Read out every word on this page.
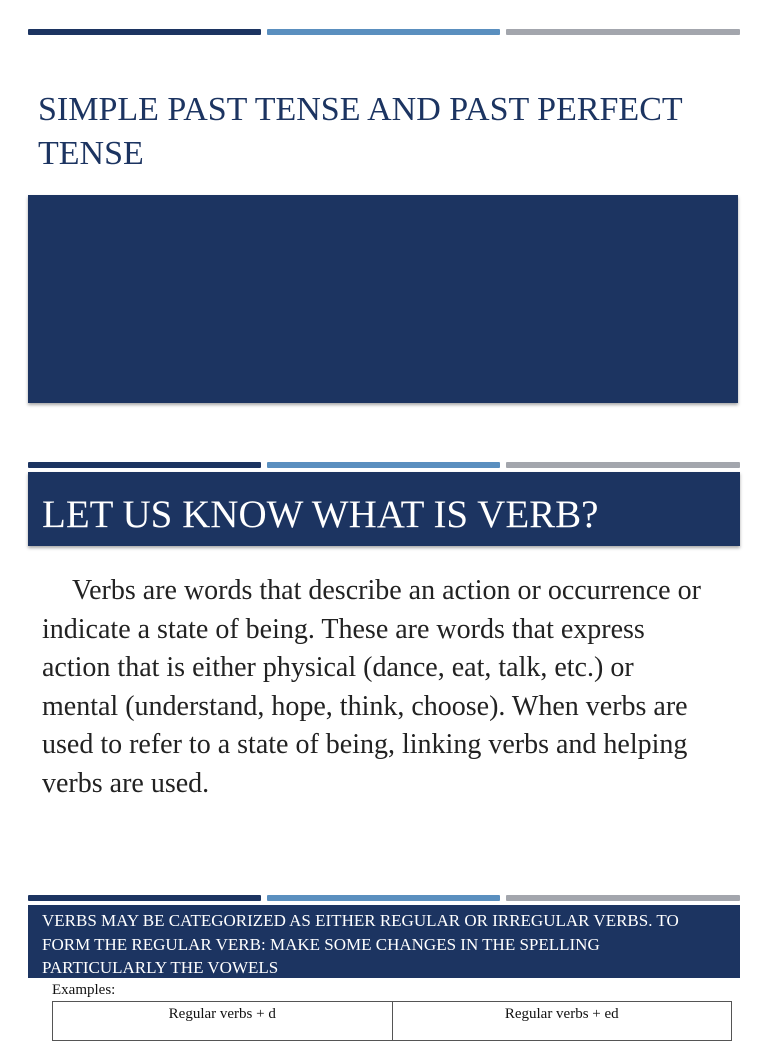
SIMPLE PAST TENSE AND PAST PERFECT TENSE
LET US KNOW WHAT IS VERB?

Verbs are words that describe an action or occurrence or indicate a state of being. These are words that express action that is either physical (dance, eat, talk, etc.) or mental (understand, hope, think, choose). When verbs are used to refer to a state of being, linking verbs and helping verbs are used.

VERBS MAY BE CATEGORIZED AS EITHER REGULAR OR IRREGULAR VERBS. TO FORM THE REGULAR VERB: MAKE SOME CHANGES IN THE SPELLING PARTICULARLY THE VOWELS
Examples:
Regular verbs + d	Regular verbs + ed
